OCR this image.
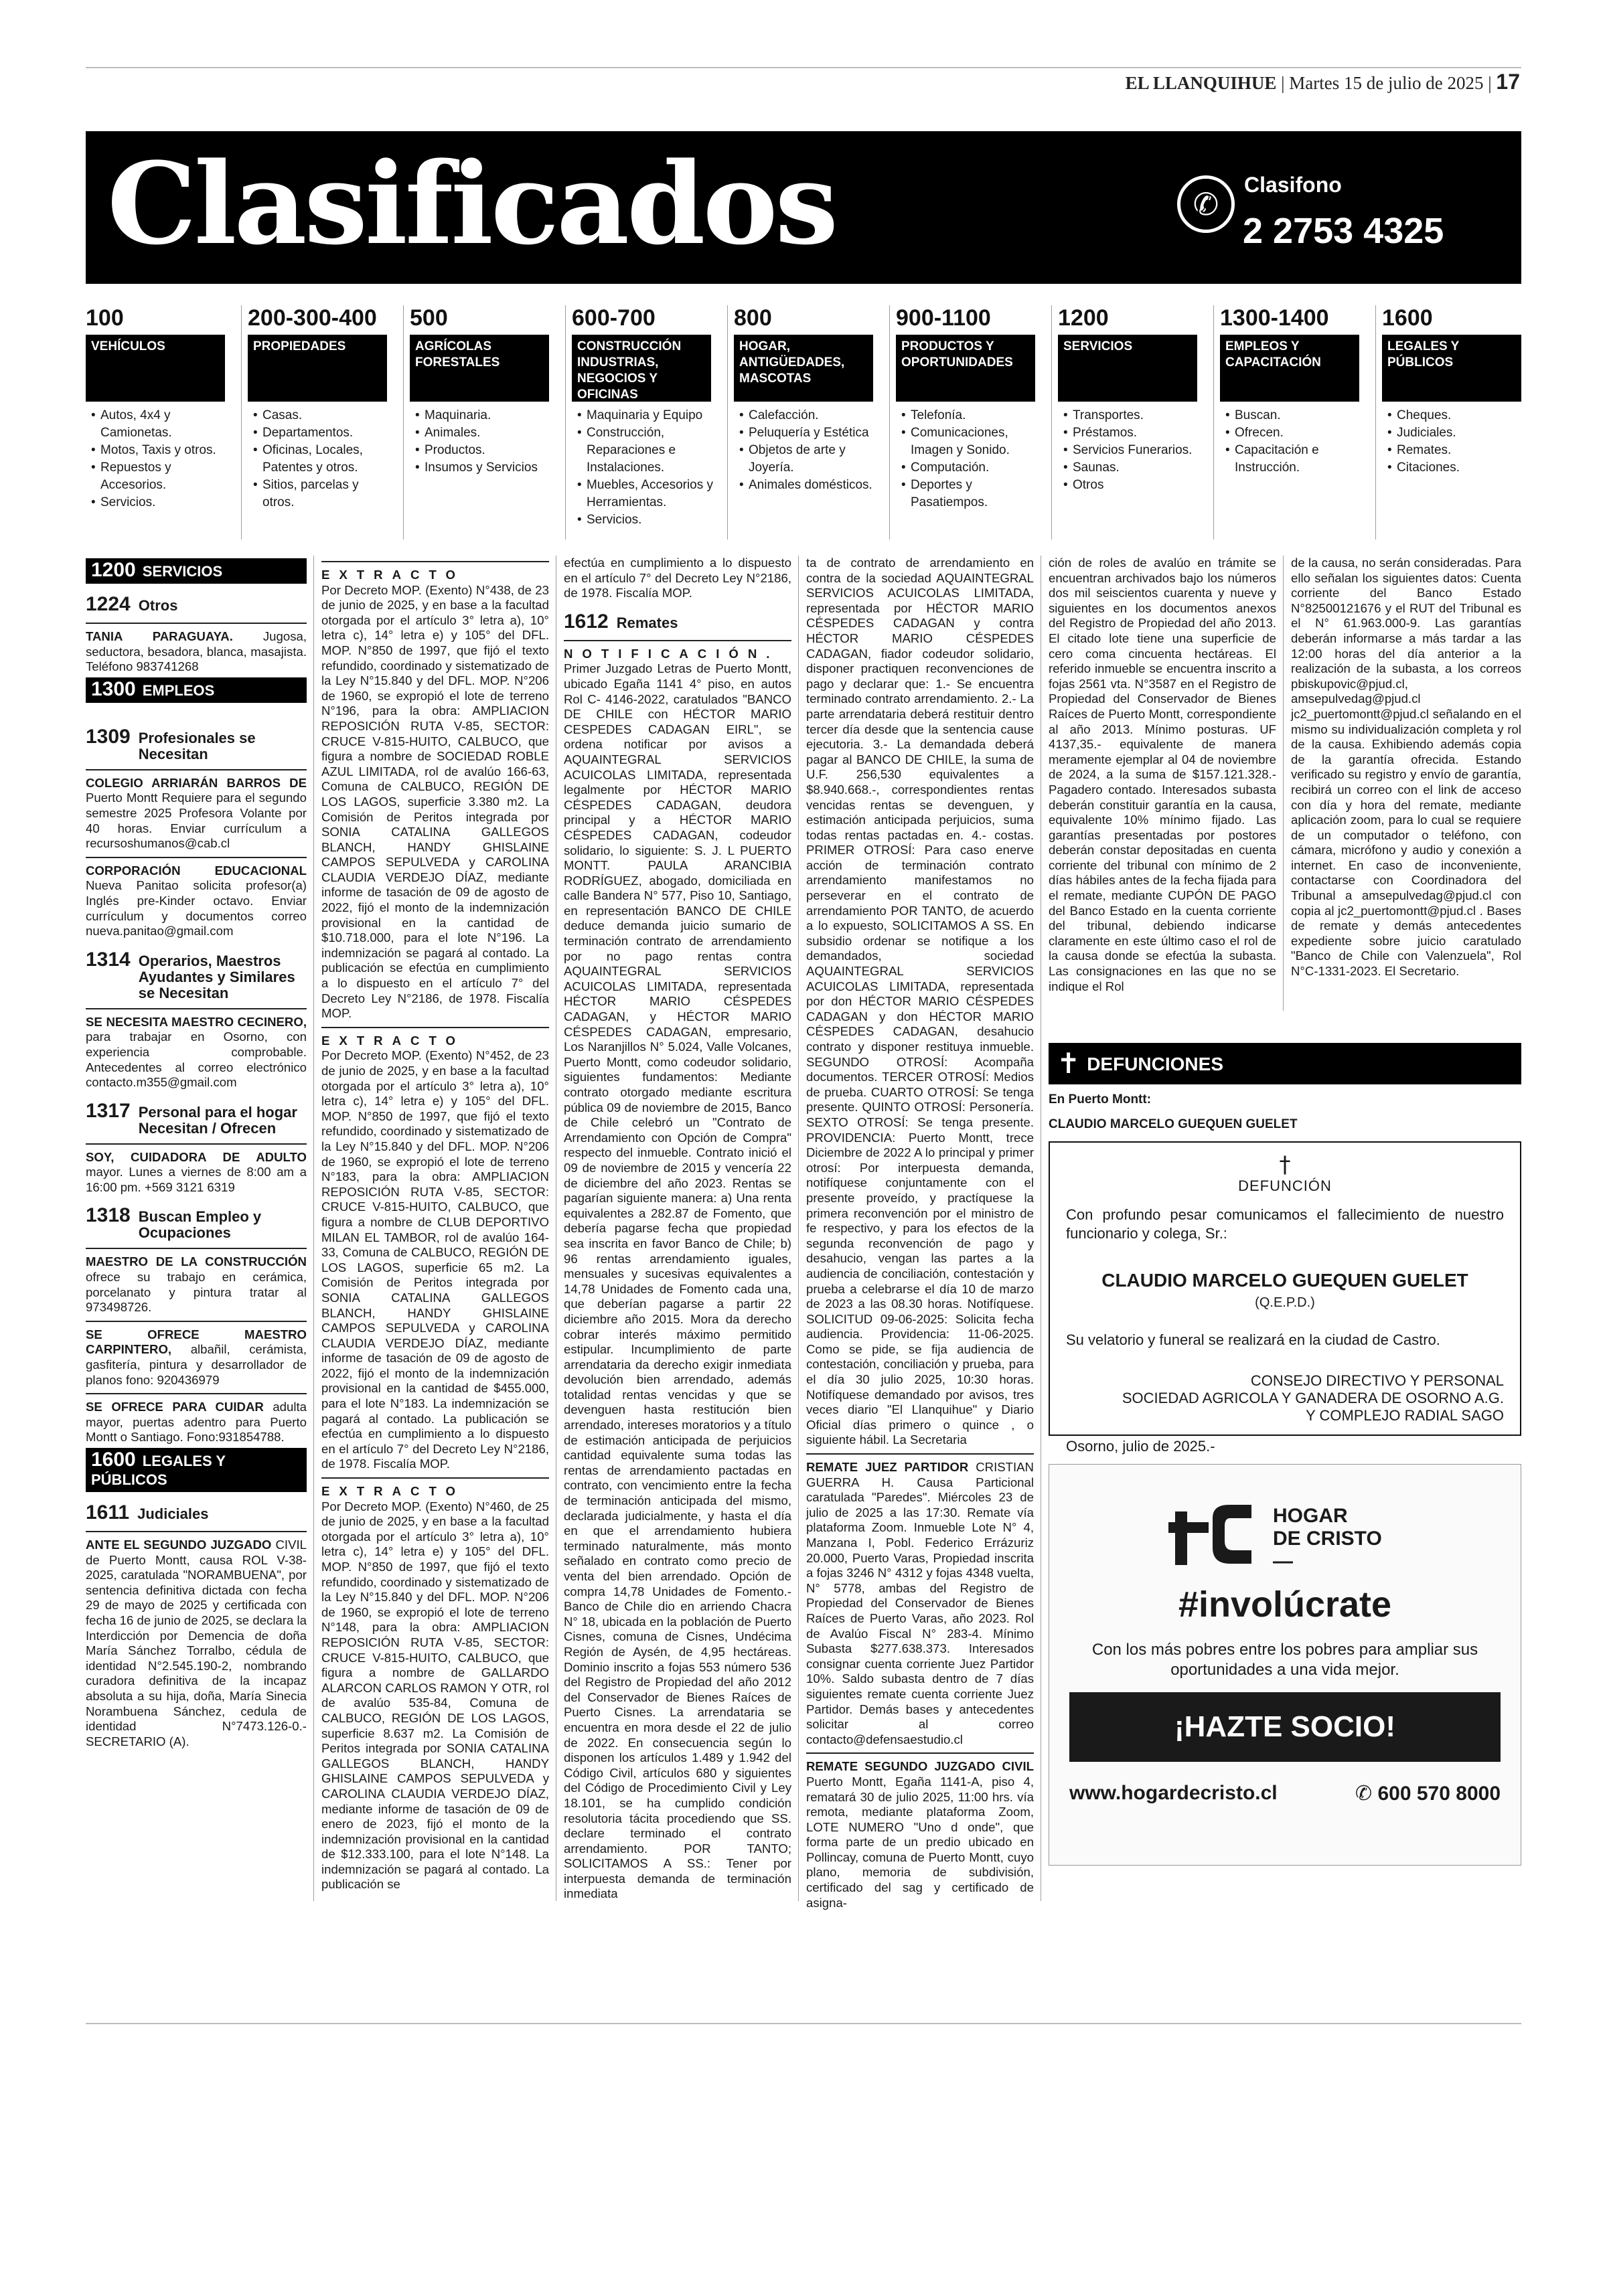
EL LLANQUIHUE | Martes 15 de julio de 2025 | 17
Clasificados	✆
Clasifono
2 2753 4325
100
VEHÍCULOS
• Autos, 4x4 y Camionetas.
• Motos, Taxis y otros.
• Repuestos y Accesorios.
• Servicios.
200-300-400
PROPIEDADES
• Casas.
• Departamentos.
• Oficinas, Locales, Patentes y otros.
• Sitios, parcelas y otros.
500
AGRÍCOLAS FORESTALES
• Maquinaria.
• Animales.
• Productos.
• Insumos y Servicios
600-700
CONSTRUCCIÓN INDUSTRIAS, NEGOCIOS Y OFICINAS
• Maquinaria y Equipo
• Construcción, Reparaciones e Instalaciones.
• Muebles, Accesorios y Herramientas.
• Servicios.
800
HOGAR, ANTIGÜEDADES, MASCOTAS
• Calefacción.
• Peluquería y Estética
• Objetos de arte y Joyería.
• Animales domésticos.
900-1100
PRODUCTOS Y OPORTUNIDADES
• Telefonía.
• Comunicaciones, Imagen y Sonido.
• Computación.
• Deportes y Pasatiempos.
1200
SERVICIOS
• Transportes.
• Préstamos.
• Servicios Funerarios.
• Saunas.
• Otros
1300-1400
EMPLEOS Y CAPACITACIÓN
• Buscan.
• Ofrecen.
• Capacitación e Instrucción.
1600
LEGALES Y PÚBLICOS
• Cheques.
• Judiciales.
• Remates.
• Citaciones.
1200 SERVICIOS
1224 Otros

TANIA PARAGUAYA. Jugosa, seductora, besadora, blanca, masajista. Teléfono 983741268

1300 EMPLEOS
1309 Profesionales se Necesitan

COLEGIO ARRIARÁN BARROS DE Puerto Montt Requiere para el segundo semestre 2025 Profesora Volante por 40 horas. Enviar currículum a recursoshumanos@cab.cl

CORPORACIÓN EDUCACIONAL Nueva Panitao solicita profesor(a) Inglés pre-Kinder octavo. Enviar currículum y documentos correo nueva.panitao@gmail.com

1314 Operarios, Maestros Ayudantes y Similares se Necesitan

SE NECESITA MAESTRO CECINERO, para trabajar en Osorno, con experiencia comprobable. Antecedentes al correo electrónico contacto.m355@gmail.com

1317 Personal para el hogar Necesitan / Ofrecen

SOY, CUIDADORA DE ADULTO mayor. Lunes a viernes de 8:00 am a 16:00 pm. +569 3121 6319

1318 Buscan Empleo y Ocupaciones

MAESTRO DE LA CONSTRUCCIÓN ofrece su trabajo en cerámica, porcelanato y pintura tratar al 973498726.

SE OFRECE MAESTRO CARPINTERO, albañil, cerámista, gasfitería, pintura y desarrollador de planos fono: 920436979

SE OFRECE PARA CUIDAR adulta mayor, puertas adentro para Puerto Montt o Santiago. Fono:931854788.

1600 LEGALES Y PÚBLICOS
1611 Judiciales

ANTE EL SEGUNDO JUZGADO CIVIL de Puerto Montt, causa ROL V-38-2025, caratulada "NORAMBUENA", por sentencia definitiva dictada con fecha 29 de mayo de 2025 y certificada con fecha 16 de junio de 2025, se declara la Interdicción por Demencia de doña María Sánchez Torralbo, cédula de identidad N°2.545.190-2, nombrando curadora definitiva de la incapaz absoluta a su hija, doña, María Sinecia Norambuena Sánchez, cedula de identidad N°7473.126-0.- SECRETARIO (A).

EXTRACTO

Por Decreto MOP. (Exento) N°438, de 23 de junio de 2025, y en base a la facultad otorgada por el artículo 3° letra a), 10° letra c), 14° letra e) y 105° del DFL. MOP. N°850 de 1997, que fijó el texto refundido, coordinado y sistematizado de la Ley N°15.840 y del DFL. MOP. N°206 de 1960, se expropió el lote de terreno N°196, para la obra: AMPLIACION REPOSICIÓN RUTA V-85, SECTOR: CRUCE V-815-HUITO, CALBUCO, que figura a nombre de SOCIEDAD ROBLE AZUL LIMITADA, rol de avalúo 166-63, Comuna de CALBUCO, REGIÓN DE LOS LAGOS, superficie 3.380 m2. La Comisión de Peritos integrada por SONIA CATALINA GALLEGOS BLANCH, HANDY GHISLAINE CAMPOS SEPULVEDA y CAROLINA CLAUDIA VERDEJO DÍAZ, mediante informe de tasación de 09 de agosto de 2022, fijó el monto de la indemnización provisional en la cantidad de $10.718.000, para el lote N°196. La indemnización se pagará al contado. La publicación se efectúa en cumplimiento a lo dispuesto en el artículo 7° del Decreto Ley N°2186, de 1978. Fiscalía MOP.

EXTRACTO

Por Decreto MOP. (Exento) N°452, de 23 de junio de 2025, y en base a la facultad otorgada por el artículo 3° letra a), 10° letra c), 14° letra e) y 105° del DFL. MOP. N°850 de 1997, que fijó el texto refundido, coordinado y sistematizado de la Ley N°15.840 y del DFL. MOP. N°206 de 1960, se expropió el lote de terreno N°183, para la obra: AMPLIACION REPOSICIÓN RUTA V-85, SECTOR: CRUCE V-815-HUITO, CALBUCO, que figura a nombre de CLUB DEPORTIVO MILAN EL TAMBOR, rol de avalúo 164-33, Comuna de CALBUCO, REGIÓN DE LOS LAGOS, superficie 65 m2. La Comisión de Peritos integrada por SONIA CATALINA GALLEGOS BLANCH, HANDY GHISLAINE CAMPOS SEPULVEDA y CAROLINA CLAUDIA VERDEJO DÍAZ, mediante informe de tasación de 09 de agosto de 2022, fijó el monto de la indemnización provisional en la cantidad de $455.000, para el lote N°183. La indemnización se pagará al contado. La publicación se efectúa en cumplimiento a lo dispuesto en el artículo 7° del Decreto Ley N°2186, de 1978. Fiscalía MOP.

EXTRACTO

Por Decreto MOP. (Exento) N°460, de 25 de junio de 2025, y en base a la facultad otorgada por el artículo 3° letra a), 10° letra c), 14° letra e) y 105° del DFL. MOP. N°850 de 1997, que fijó el texto refundido, coordinado y sistematizado de la Ley N°15.840 y del DFL. MOP. N°206 de 1960, se expropió el lote de terreno N°148, para la obra: AMPLIACION REPOSICIÓN RUTA V-85, SECTOR: CRUCE V-815-HUITO, CALBUCO, que figura a nombre de GALLARDO ALARCON CARLOS RAMON Y OTR, rol de avalúo 535-84, Comuna de CALBUCO, REGIÓN DE LOS LAGOS, superficie 8.637 m2. La Comisión de Peritos integrada por SONIA CATALINA GALLEGOS BLANCH, HANDY GHISLAINE CAMPOS SEPULVEDA y CAROLINA CLAUDIA VERDEJO DÍAZ, mediante informe de tasación de 09 de enero de 2023, fijó el monto de la indemnización provisional en la cantidad de $12.333.100, para el lote N°148. La indemnización se pagará al contado. La publicación se

efectúa en cumplimiento a lo dispuesto en el artículo 7° del Decreto Ley N°2186, de 1978. Fiscalía MOP.

1612 Remates
NOTIFICACIÓN.

Primer Juzgado Letras de Puerto Montt, ubicado Egaña 1141 4° piso, en autos Rol C- 4146-2022, caratulados "BANCO DE CHILE con HÉCTOR MARIO CESPEDES CADAGAN EIRL", se ordena notificar por avisos a AQUAINTEGRAL SERVICIOS ACUICOLAS LIMITADA, representada legalmente por HÉCTOR MARIO CÉSPEDES CADAGAN, deudora principal y a HÉCTOR MARIO CÉSPEDES CADAGAN, codeudor solidario, lo siguiente: S. J. L PUERTO MONTT. PAULA ARANCIBIA RODRÍGUEZ, abogado, domiciliada en calle Bandera N° 577, Piso 10, Santiago, en representación BANCO DE CHILE deduce demanda juicio sumario de terminación contrato de arrendamiento por no pago rentas contra AQUAINTEGRAL SERVICIOS ACUICOLAS LIMITADA, representada HÉCTOR MARIO CÉSPEDES CADAGAN, y HÉCTOR MARIO CÉSPEDES CADAGAN, empresario, Los Naranjillos N° 5.024, Valle Volcanes, Puerto Montt, como codeudor solidario, siguientes fundamentos: Mediante contrato otorgado mediante escritura pública 09 de noviembre de 2015, Banco de Chile celebró un "Contrato de Arrendamiento con Opción de Compra" respecto del inmueble. Contrato inició el 09 de noviembre de 2015 y vencería 22 de diciembre del año 2023. Rentas se pagarían siguiente manera: a) Una renta equivalentes a 282.87 de Fomento, que debería pagarse fecha que propiedad sea inscrita en favor Banco de Chile; b) 96 rentas arrendamiento iguales, mensuales y sucesivas equivalentes a 14,78 Unidades de Fomento cada una, que deberían pagarse a partir 22 diciembre año 2015. Mora da derecho cobrar interés máximo permitido estipular. Incumplimiento de parte arrendataria da derecho exigir inmediata devolución bien arrendado, además totalidad rentas vencidas y que se devenguen hasta restitución bien arrendado, intereses moratorios y a título de estimación anticipada de perjuicios cantidad equivalente suma todas las rentas de arrendamiento pactadas en contrato, con vencimiento entre la fecha de terminación anticipada del mismo, declarada judicialmente, y hasta el día en que el arrendamiento hubiera terminado naturalmente, más monto señalado en contrato como precio de venta del bien arrendado. Opción de compra 14,78 Unidades de Fomento.- Banco de Chile dio en arriendo Chacra N° 18, ubicada en la población de Puerto Cisnes, comuna de Cisnes, Undécima Región de Aysén, de 4,95 hectáreas. Dominio inscrito a fojas 553 número 536 del Registro de Propiedad del año 2012 del Conservador de Bienes Raíces de Puerto Cisnes. La arrendataria se encuentra en mora desde el 22 de julio de 2022. En consecuencia según lo disponen los artículos 1.489 y 1.942 del Código Civil, artículos 680 y siguientes del Código de Procedimiento Civil y Ley 18.101, se ha cumplido condición resolutoria tácita procediendo que SS. declare terminado el contrato arrendamiento. POR TANTO; SOLICITAMOS A SS.: Tener por interpuesta demanda de terminación inmediata

ta de contrato de arrendamiento en contra de la sociedad AQUAINTEGRAL SERVICIOS ACUICOLAS LIMITADA, representada por HÉCTOR MARIO CÉSPEDES CADAGAN y contra HÉCTOR MARIO CÉSPEDES CADAGAN, fiador codeudor solidario, disponer practiquen reconvenciones de pago y declarar que: 1.- Se encuentra terminado contrato arrendamiento. 2.- La parte arrendataria deberá restituir dentro tercer día desde que la sentencia cause ejecutoria. 3.- La demandada deberá pagar al BANCO DE CHILE, la suma de U.F. 256,530 equivalentes a $8.940.668.-, correspondientes rentas vencidas rentas se devenguen, y estimación anticipada perjuicios, suma todas rentas pactadas en. 4.- costas. PRIMER OTROSÍ: Para caso enerve acción de terminación contrato arrendamiento manifestamos no perseverar en el contrato de arrendamiento POR TANTO, de acuerdo a lo expuesto, SOLICITAMOS A SS. En subsidio ordenar se notifique a los demandados, sociedad AQUAINTEGRAL SERVICIOS ACUICOLAS LIMITADA, representada por don HÉCTOR MARIO CÉSPEDES CADAGAN y don HÉCTOR MARIO CÉSPEDES CADAGAN, desahucio contrato y disponer restituya inmueble. SEGUNDO OTROSÍ: Acompaña documentos. TERCER OTROSÍ: Medios de prueba. CUARTO OTROSÍ: Se tenga presente. QUINTO OTROSÍ: Personería. SEXTO OTROSÍ: Se tenga presente. PROVIDENCIA: Puerto Montt, trece Diciembre de 2022 A lo principal y primer otrosí: Por interpuesta demanda, notifíquese conjuntamente con el presente proveído, y practíquese la primera reconvención por el ministro de fe respectivo, y para los efectos de la segunda reconvención de pago y desahucio, vengan las partes a la audiencia de conciliación, contestación y prueba a celebrarse el día 10 de marzo de 2023 a las 08.30 horas. Notifíquese. SOLICITUD 09-06-2025: Solicita fecha audiencia. Providencia: 11-06-2025. Como se pide, se fija audiencia de contestación, conciliación y prueba, para el día 30 julio 2025, 10:30 horas. Notifíquese demandado por avisos, tres veces diario "El Llanquihue" y Diario Oficial días primero o quince , o siguiente hábil. La Secretaria

REMATE JUEZ PARTIDOR CRISTIAN GUERRA H. Causa Particional caratulada "Paredes". Miércoles 23 de julio de 2025 a las 17:30. Remate vía plataforma Zoom. Inmueble Lote N° 4, Manzana I, Pobl. Federico Errázuriz 20.000, Puerto Varas, Propiedad inscrita a fojas 3246 N° 4312 y fojas 4348 vuelta, N° 5778, ambas del Registro de Propiedad del Conservador de Bienes Raíces de Puerto Varas, año 2023. Rol de Avalúo Fiscal N° 283-4. Mínimo Subasta $277.638.373. Interesados consignar cuenta corriente Juez Partidor 10%. Saldo subasta dentro de 7 días siguientes remate cuenta corriente Juez Partidor. Demás bases y antecedentes solicitar al correo contacto@defensaestudio.cl

REMATE SEGUNDO JUZGADO CIVIL Puerto Montt, Egaña 1141-A, piso 4, rematará 30 de julio 2025, 11:00 hrs. vía remota, mediante plataforma Zoom, LOTE NUMERO "Uno d onde", que forma parte de un predio ubicado en Pollincay, comuna de Puerto Montt, cuyo plano, memoria de subdivisión, certificado del sag y certificado de asigna-

ción de roles de avalúo en trámite se encuentran archivados bajo los números dos mil seiscientos cuarenta y nueve y siguientes en los documentos anexos del Registro de Propiedad del año 2013. El citado lote tiene una superficie de cero coma cincuenta hectáreas. El referido inmueble se encuentra inscrito a fojas 2561 vta. N°3587 en el Registro de Propiedad del Conservador de Bienes Raíces de Puerto Montt, correspondiente al año 2013. Mínimo posturas. UF 4137,35.- equivalente de manera meramente ejemplar al 04 de noviembre de 2024, a la suma de $157.121.328.- Pagadero contado. Interesados subasta deberán constituir garantía en la causa, equivalente 10% mínimo fijado. Las garantías presentadas por postores deberán constar depositadas en cuenta corriente del tribunal con mínimo de 2 días hábiles antes de la fecha fijada para el remate, mediante CUPÓN DE PAGO del Banco Estado en la cuenta corriente del tribunal, debiendo indicarse claramente en este último caso el rol de la causa donde se efectúa la subasta. Las consignaciones en las que no se indique el Rol

de la causa, no serán consideradas. Para ello señalan los siguientes datos: Cuenta corriente del Banco Estado N°82500121676 y el RUT del Tribunal es el N° 61.963.000-9. Las garantías deberán informarse a más tardar a las 12:00 horas del día anterior a la realización de la subasta, a los correos pbiskupovic@pjud.cl, amsepulvedag@pjud.cl jc2_puertomontt@pjud.cl señalando en el mismo su individualización completa y rol de la causa. Exhibiendo además copia de la garantía ofrecida. Estando verificado su registro y envío de garantía, recibirá un correo con el link de acceso con día y hora del remate, mediante aplicación zoom, para lo cual se requiere de un computador o teléfono, con cámara, micrófono y audio y conexión a internet. En caso de inconveniente, contactarse con Coordinadora del Tribunal a amsepulvedag@pjud.cl con copia al jc2_puertomontt@pjud.cl . Bases de remate y demás antecedentes expediente sobre juicio caratulado "Banco de Chile con Valenzuela", Rol N°C-1331-2023. El Secretario.

✝ DEFUNCIONES
En Puerto Montt:
CLAUDIO MARCELO GUEQUEN GUELET
†
DEFUNCIÓN
Con profundo pesar comunicamos el fallecimiento de nuestro funcionario y colega, Sr.:
CLAUDIO MARCELO GUEQUEN GUELET
(Q.E.P.D.)
Su velatorio y funeral se realizará en la ciudad de Castro.
CONSEJO DIRECTIVO Y PERSONAL
SOCIEDAD AGRICOLA Y GANADERA DE OSORNO A.G.
Y COMPLEJO RADIAL SAGO
Osorno, julio de 2025.-
HOGAR
DE CRISTO
—
#involúcrate
Con los más pobres entre los pobres para ampliar sus oportunidades a una vida mejor.
¡HAZTE SOCIO!
www.hogardecristo.cl	✆ 600 570 8000
